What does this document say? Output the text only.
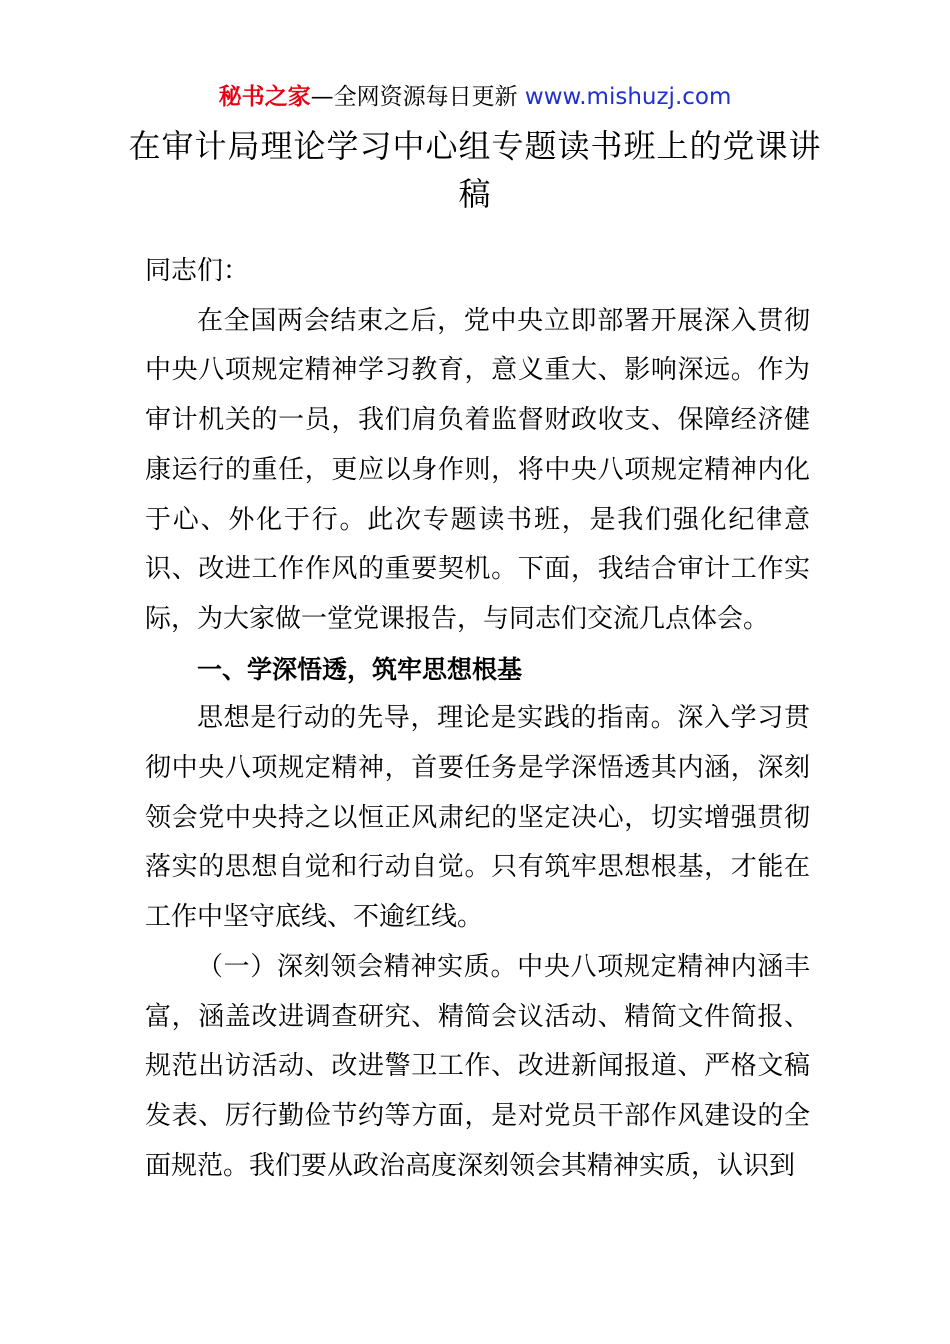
秘书之家—全网资源每日更新 www.mishuzj.com
在审计局理论学习中心组专题读书班上的党课讲稿

同志们：

在全国两会结束之后，党中央立即部署开展深入贯彻中央八项规定精神学习教育，意义重大、影响深远。作为审计机关的一员，我们肩负着监督财政收支、保障经济健康运行的重任，更应以身作则，将中央八项规定精神内化于心、外化于行。此次专题读书班，是我们强化纪律意识、改进工作作风的重要契机。下面，我结合审计工作实际，为大家做一堂党课报告，与同志们交流几点体会。

一、学深悟透，筑牢思想根基

思想是行动的先导，理论是实践的指南。深入学习贯彻中央八项规定精神，首要任务是学深悟透其内涵，深刻领会党中央持之以恒正风肃纪的坚定决心，切实增强贯彻落实的思想自觉和行动自觉。只有筑牢思想根基，才能在工作中坚守底线、不逾红线。

（一）深刻领会精神实质。中央八项规定精神内涵丰富，涵盖改进调查研究、精简会议活动、精简文件简报、规范出访活动、改进警卫工作、改进新闻报道、严格文稿发表、厉行勤俭节约等方面，是对党员干部作风建设的全面规范。我们要从政治高度深刻领会其精神实质，认识到
